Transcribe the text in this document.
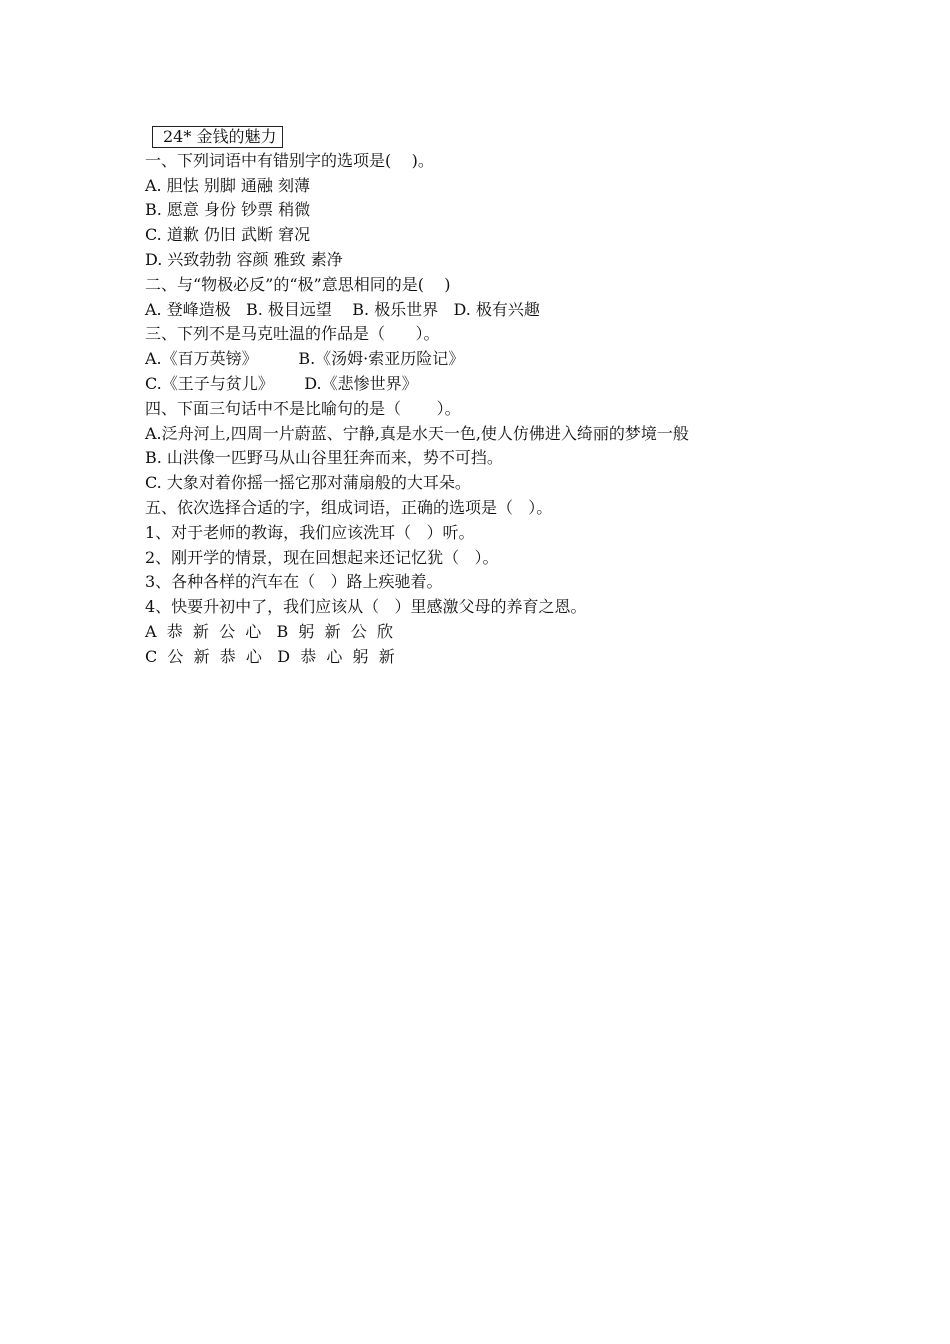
24* 金钱的魅力
一、下列词语中有错别字的选项是(    )。
A. 胆怯 别脚 通融 刻薄
B. 愿意 身份 钞票 稍微
C. 道歉 仍旧 武断 窘况
D. 兴致勃勃 容颜 雅致 素净
二、与“物极必反”的“极”意思相同的是(    )
A. 登峰造极   B. 极目远望    B. 极乐世界   D. 极有兴趣
三、下列不是马克吐温的作品是（      ）。
A.《百万英镑》        B.《汤姆·索亚历险记》
C.《王子与贫儿》      D.《悲惨世界》
四、下面三句话中不是比喻句的是（       ）。
A.泛舟河上,四周一片蔚蓝、宁静,真是水天一色,使人仿佛进入绮丽的梦境一般
B. 山洪像一匹野马从山谷里狂奔而来，势不可挡。
C. 大象对着你摇一摇它那对蒲扇般的大耳朵。
五、依次选择合适的字，组成词语，正确的选项是（   ）。
1、对于老师的教诲，我们应该洗耳（   ）听。
2、刚开学的情景，现在回想起来还记忆犹（   ）。
3、各种各样的汽车在（   ）路上疾驰着。
4、快要升初中了，我们应该从（   ）里感激父母的养育之恩。
A  恭  新  公  心   B  躬  新  公  欣
C  公  新  恭  心   D  恭  心  躬  新
